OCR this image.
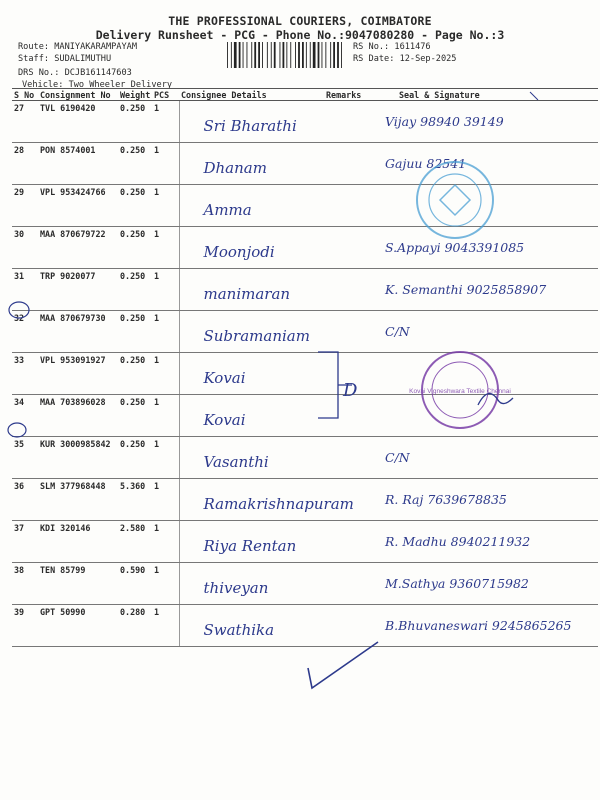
THE PROFESSIONAL COURIERS, COIMBATORE
Delivery Runsheet - PCG - Phone No.:9047080280 - Page No.:3
Route: MANIYAKARAMPAYAM
Staff: SUDALIMUTHU
DRS No.: DCJB161147603
Vehicle: Two Wheeler Delivery
RS No.: 1611476
RS Date: 12-Sep-2025
S No	Consignment No	Weight	PCS	Consignee Details	Remarks	Seal & Signature
27	TVL 6190420	0.250	1	Sri Bharathi		Vijay 98940 39149

28	PON 8574001	0.250	1	Dhanam		Gajuu 82541

29	VPL 953424766	0.250	1	Amma		

30	MAA 870679722	0.250	1	Moonjodi		S.Appayi 9043391085

31	TRP 9020077	0.250	1	manimaran		K. Semanthi 9025858907

32	MAA 870679730	0.250	1	Subramaniam		C/N

33	VPL 953091927	0.250	1	Kovai		

34	MAA 703896028	0.250	1	Kovai		

35	KUR 3000985842	0.250	1	Vasanthi		C/N

36	SLM 377968448	5.360	1	Ramakrishnapuram		R. Raj 7639678835

37	KDI 320146	2.580	1	Riya Rentan		R. Madhu 8940211932

38	TEN 85799	0.590	1	thiveyan		M.Sathya 9360715982

39	GPT 50990	0.280	1	Swathika		B.Bhuvaneswari 9245865265
D	Kovai Vigneshwara Textile Chennai
